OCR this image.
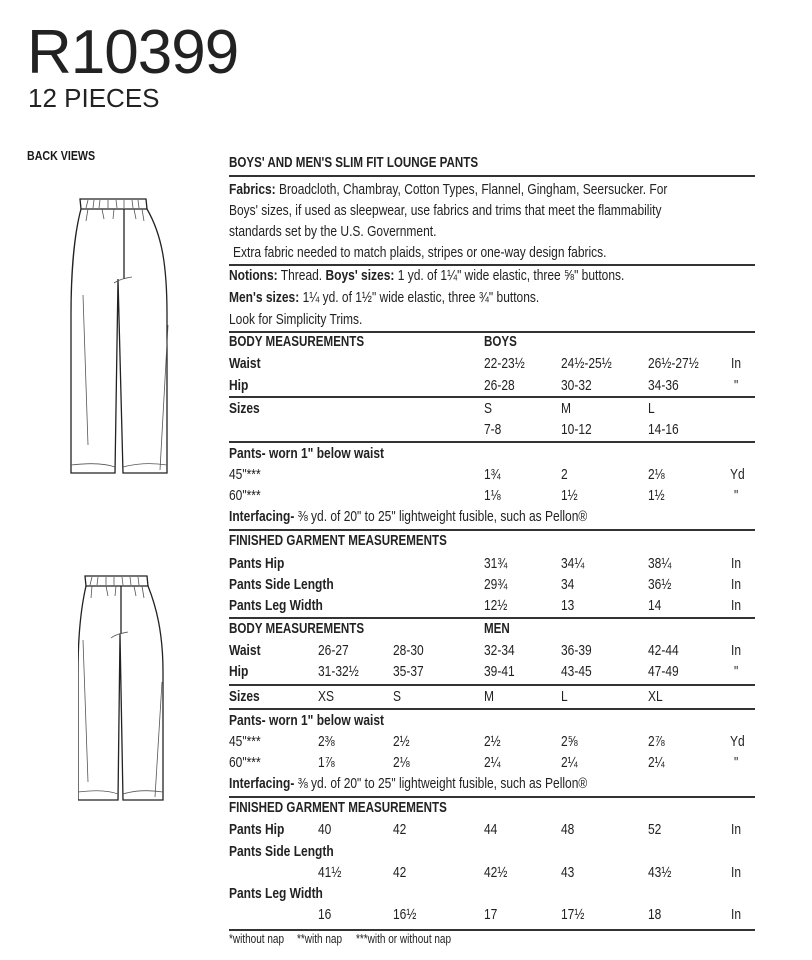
R10399
12 PIECES
BACK VIEWS	BOYS' AND MEN'S SLIM FIT LOUNGE PANTS
Fabrics: Broadcloth, Chambray, Cotton Types, Flannel, Gingham, Seersucker. For
Boys' sizes, if used as sleepwear, use fabrics and trims that meet the flammability
standards set by the U.S. Government.
Extra fabric needed to match plaids, stripes or one-way design fabrics.
Notions: Thread. Boys' sizes: 1 yd. of 1¼" wide elastic, three ⅝" buttons.
Men's sizes: 1¼ yd. of 1½" wide elastic, three ¾" buttons.
Look for Simplicity Trims.
BODY MEASUREMENTS	BOYS
Waist	22-23½ 24½-25½ 26½-27½ In
Hip	26-28	30-32	34-36	"
Sizes	S	M	L
7-8	10-12	14-16
Pants- worn 1" below waist
45"***	1¾	2	2⅛	Yd
60"***	1⅛	1½	1½	"
Interfacing- ⅜ yd. of 20" to 25" lightweight fusible, such as Pellon®
FINISHED GARMENT MEASUREMENTS
Pants Hip	31¾	34¼	38¼	In
Pants Side Length	29¾	34	36½	In
Pants Leg Width	12½	13	14	In
BODY MEASUREMENTS	MEN
Waist	26-27	28-30	32-34	36-39	42-44	In
Hip	31-32½ 35-37	39-41	43-45	47-49	"
Sizes	XS	S	M	L	XL
Pants- worn 1" below waist
45"***	2⅜	2½	2½	2⅝	2⅞	Yd
60"***	1⅞	2⅛	2¼	2¼	2¼	"
Interfacing- ⅜ yd. of 20" to 25" lightweight fusible, such as Pellon®
FINISHED GARMENT MEASUREMENTS
Pants Hip 40	42	44	48	52	In
Pants Side Length
41½	42	42½	43	43½	In
Pants Leg Width
16	16½	17	17½	18	In
*without nap **with nap ***with or without nap
